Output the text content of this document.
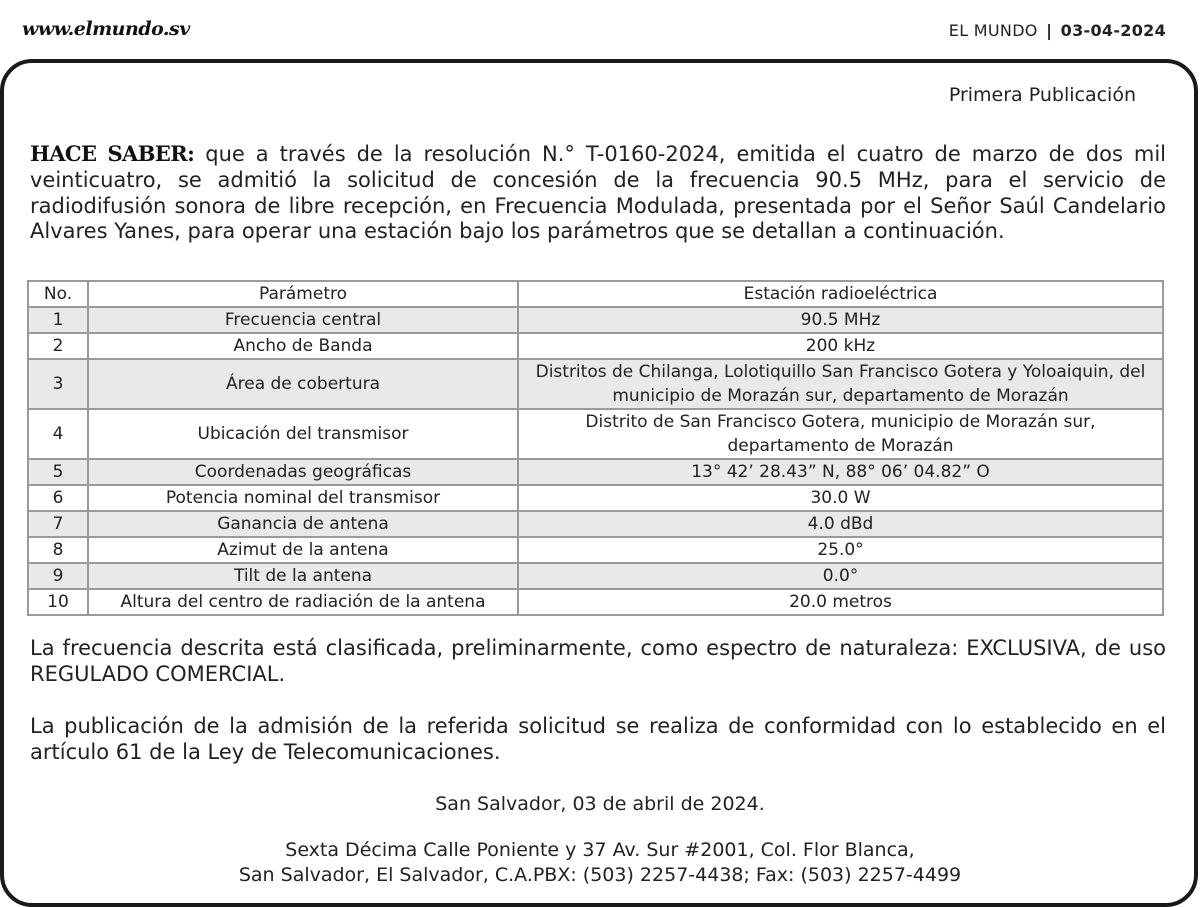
www.elmundo.sv	EL MUNDO | 03-04-2024
Primera Publicación

HACE SABER: que a través de la resolución N.° T-0160-2024, emitida el cuatro de marzo de dos mil veinticuatro, se admitió la solicitud de concesión de la frecuencia 90.5 MHz, para el servicio de radiodifusión sonora de libre recepción, en Frecuencia Modulada, presentada por el Señor Saúl Candelario Alvares Yanes, para operar una estación bajo los parámetros que se detallan a continuación.

No.	Parámetro	Estación radioeléctrica
1	Frecuencia central	90.5 MHz
2	Ancho de Banda	200 kHz
3	Área de cobertura	Distritos de Chilanga, Lolotiquillo San Francisco Gotera y Yoloaiquin, del municipio de Morazán sur, departamento de Morazán
4	Ubicación del transmisor	Distrito de San Francisco Gotera, municipio de Morazán sur, departamento de Morazán
5	Coordenadas geográficas	13° 42’ 28.43” N, 88° 06’ 04.82” O
6	Potencia nominal del transmisor	30.0 W
7	Ganancia de antena	4.0 dBd
8	Azimut de la antena	25.0°
9	Tilt de la antena	0.0°
10	Altura del centro de radiación de la antena	20.0 metros

La frecuencia descrita está clasificada, preliminarmente, como espectro de naturaleza: EXCLUSIVA, de uso REGULADO COMERCIAL.

La publicación de la admisión de la referida solicitud se realiza de conformidad con lo establecido en el artículo 61 de la Ley de Telecomunicaciones.

San Salvador, 03 de abril de 2024.
Sexta Décima Calle Poniente y 37 Av. Sur #2001, Col. Flor Blanca,
San Salvador, El Salvador, C.A.PBX: (503) 2257-4438; Fax: (503) 2257-4499
